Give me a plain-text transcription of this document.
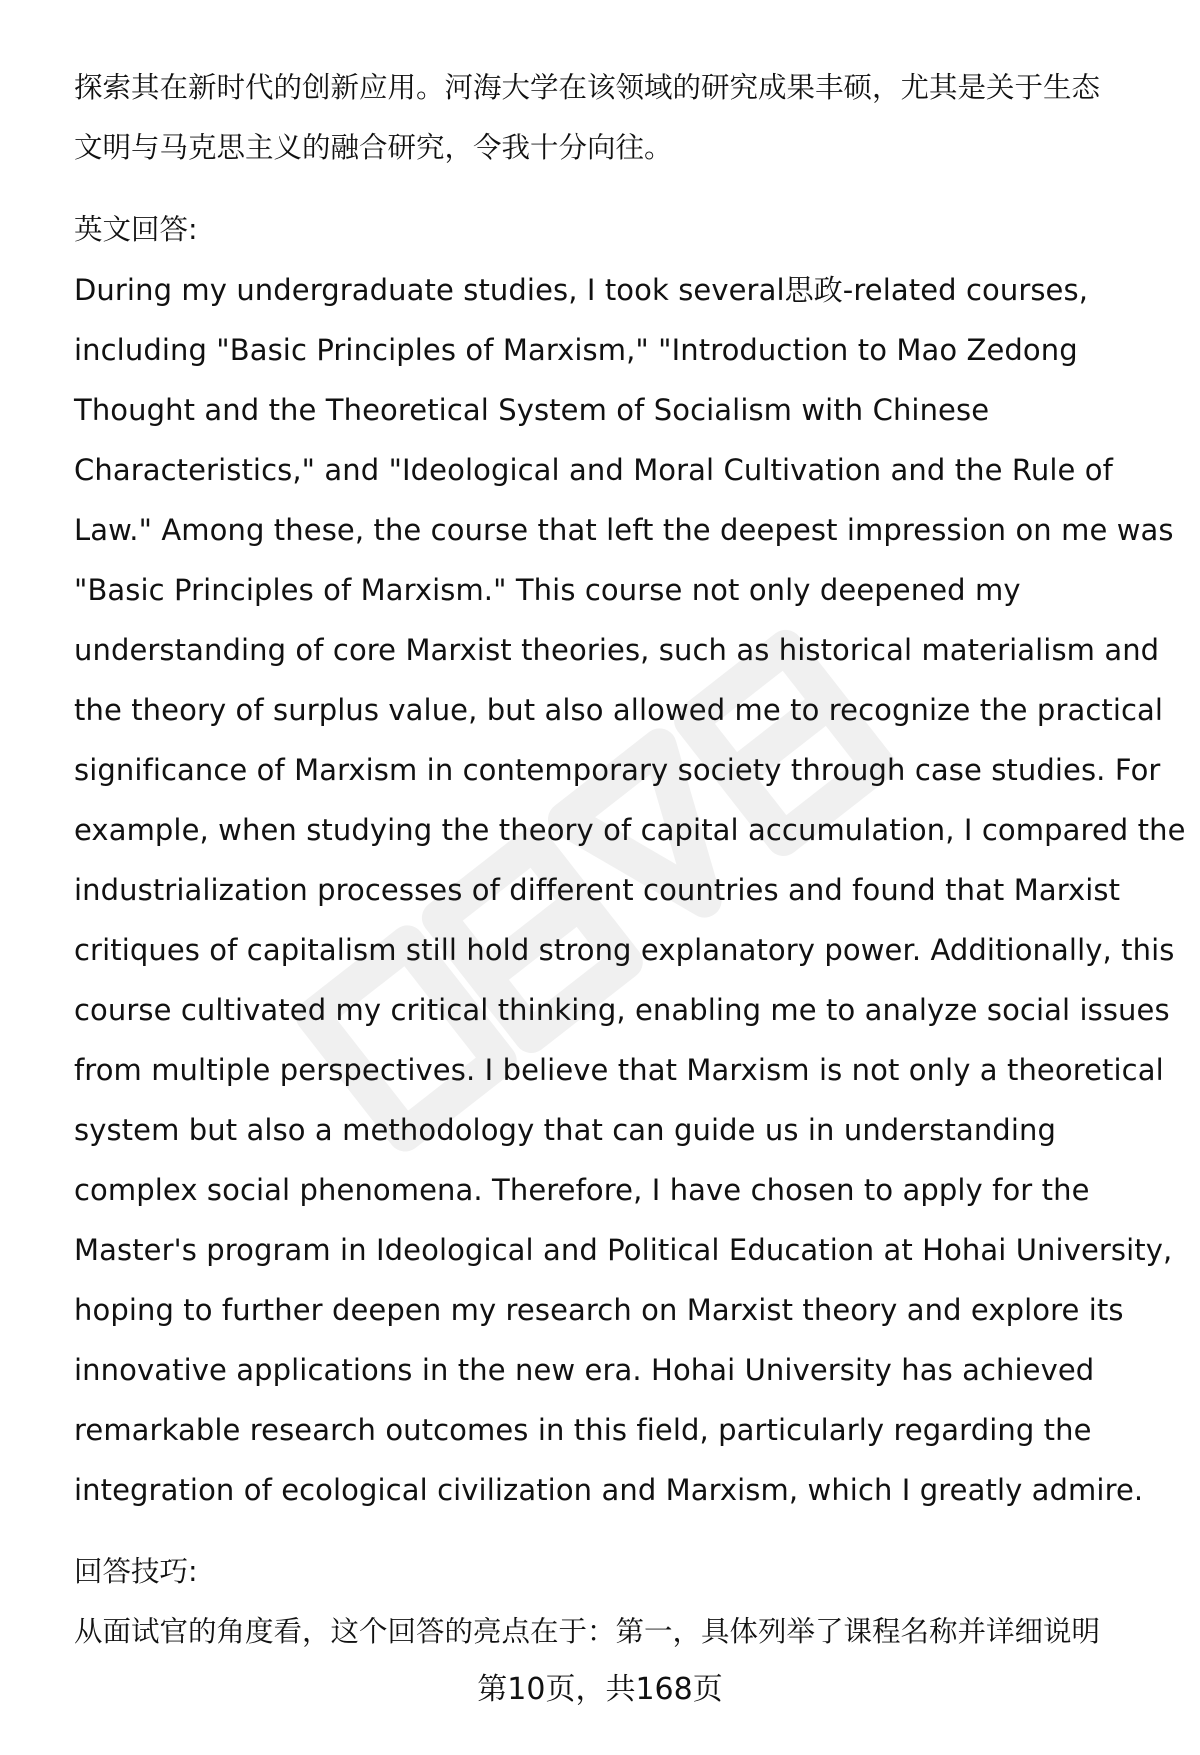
探索其在新时代的创新应用。河海大学在该领域的研究成果丰硕，尤其是关于生态

文明与马克思主义的融合研究，令我十分向往。

英文回答:

During my undergraduate studies, I took several思政-related courses,

including "Basic Principles of Marxism," "Introduction to Mao Zedong

Thought and the Theoretical System of Socialism with Chinese

Characteristics," and "Ideological and Moral Cultivation and the Rule of

Law." Among these, the course that left the deepest impression on me was

"Basic Principles of Marxism." This course not only deepened my

understanding of core Marxist theories, such as historical materialism and

the theory of surplus value, but also allowed me to recognize the practical

significance of Marxism in contemporary society through case studies. For

example, when studying the theory of capital accumulation, I compared the

industrialization processes of different countries and found that Marxist

critiques of capitalism still hold strong explanatory power. Additionally, this

course cultivated my critical thinking, enabling me to analyze social issues

from multiple perspectives. I believe that Marxism is not only a theoretical

system but also a methodology that can guide us in understanding

complex social phenomena. Therefore, I have chosen to apply for the

Master's program in Ideological and Political Education at Hohai University,

hoping to further deepen my research on Marxist theory and explore its

innovative applications in the new era. Hohai University has achieved

remarkable research outcomes in this field, particularly regarding the

integration of ecological civilization and Marxism, which I greatly admire.

回答技巧:

从面试官的角度看，这个回答的亮点在于：第一，具体列举了课程名称并详细说明

第10页，共168页
